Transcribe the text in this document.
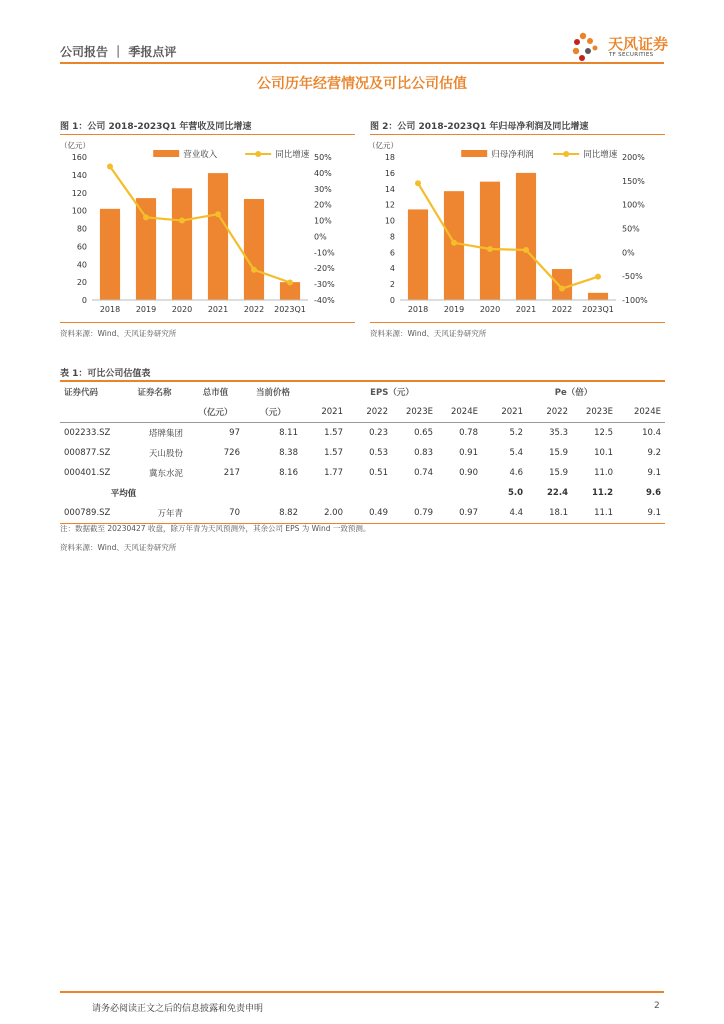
公司报告 ｜ 季报点评	天风证券
TF SECURITIES
公司历年经营情况及可比公司估值
图 1：公司 2018-2023Q1 年营收及同比增速
（亿元）
0
20
40
60
80
100
120
140
160
-40%
-30%
-20%
-10%
0%
10%
20%
30%
40%
50%
2018 2019 2020 2021 2022 2023Q1
营业收入	同比增速
资料来源：Wind、天风证券研究所
图 2：公司 2018-2023Q1 年归母净利润及同比增速
（亿元）
0
2
4
6
8
10
12
14
16
18
-100%
-50%
0%
50%
100%
150%
200%
2018 2019 2020 2021 2022 2023Q1
归母净利润	同比增速
资料来源：Wind、天风证券研究所
表 1：可比公司估值表
证券代码	证券名称	总市值	当前价格	EPS（元）				Pe（倍）			
		（亿元）	（元）	2021	2022	2023E	2024E	2021	2022	2023E	2024E
002233.SZ	塔牌集团	97	8.11	1.57	0.23	0.65	0.78	5.2	35.3	12.5	10.4
000877.SZ	天山股份	726	8.38	1.57	0.53	0.83	0.91	5.4	15.9	10.1	9.2
000401.SZ	冀东水泥	217	8.16	1.77	0.51	0.74	0.90	4.6	15.9	11.0	9.1
平均值								5.0	22.4	11.2	9.6
000789.SZ	万年青	70	8.82	2.00	0.49	0.79	0.97	4.4	18.1	11.1	9.1
注：数据截至 20230427 收盘，除万年青为天风预测外，其余公司 EPS 为 Wind 一致预测。
资料来源：Wind、天风证券研究所
请务必阅读正文之后的信息披露和免责申明	2
